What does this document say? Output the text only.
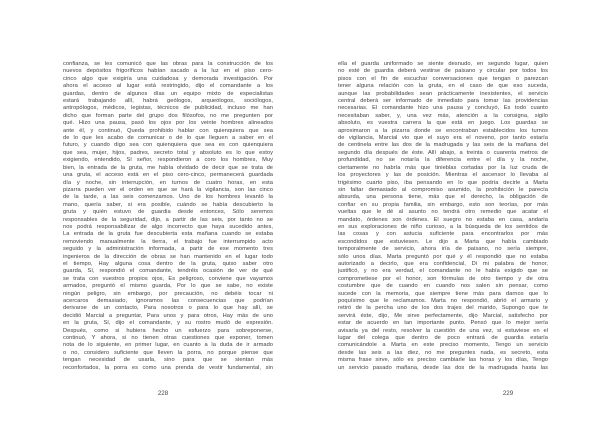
confianza, se les comunicó que las obras para la construcción de los
nuevos depósitos frigoríficos habían sacado a la luz en el piso cero-
cinco algo que exigiría una cuidadosa y demorada investigación. Por
ahora el acceso al lugar está restringido, dijo el comandante a los
guardas, dentro de algunos días un equipo mixto de especialistas
estará trabajando allí, habrá geólogos, arqueólogos, sociólogos,
antropólogos, médicos, legistas, técnicos de publicidad, incluso me han
dicho que forman parte del grupo dos filósofos, no me pregunten por
qué. Hizo una pausa, pasó los ojos por los veinte hombres alineados
ante él, y continuó, Queda prohibido hablar con quienquiera que sea
de lo que les acabo de comunicar o de lo que lleguen a saber en el
futuro, y cuando digo sea con quienquiera que sea es con quienquiera
que sea, mujer, hijos, padres, secreto total y absoluto es lo que estoy
exigiendo, entendido, Sí señor, respondieron a coro los hombres, Muy
bien, la entrada de la gruta, me había olvidado de decir que se trata de
una gruta, el acceso está en el piso cero-cinco, permanecerá guardada
día y noche, sin interrupción, en turnos de cuatro horas, en esta
pizarra pueden ver el orden en que se hará la vigilancia, son las cinco
de la tarde, a las seis comenzamos. Uno de los hombres levantó la
mano, quería saber, si era posible, cuándo se había descubierto la
gruta y quién estuvo de guardia desde entonces, Sólo seremos
responsables de la seguridad, dijo, a partir de las seis, por tanto no se
nos podrá responsabilizar de algo incorrecto que haya sucedido antes,
La entrada de la gruta fue descubierta esta mañana cuando se estaba
removiendo manualmente la tierra, el trabajo fue interrumpido acto
seguido y la administración informada, a partir de ese momento tres
ingenieros de la dirección de obras se han mantenido en el lugar todo
el tiempo, Hay alguna cosa dentro de la gruta, quiso saber otro
guarda, Sí, respondió el comandante, tendréis ocasión de ver de qué
se trata con vuestros propios ojos, Es peligroso, conviene que vayamos
armados, preguntó el mismo guarda, Por lo que se sabe, no existe
ningún peligro, sin embargo, por precaución, no debéis tocar ni
acercaros demasiado, ignoramos las consecuencias que podrían
derivarse de un contacto, Para nosotros o para lo que hay allí, se
decidió Marcial a preguntar, Para unos y para otros, Hay más de uno
en la gruta, Sí, dijo el comandante, y su rostro mudó de expresión.
Después, como si hubiera hecho un esfuerzo para sobreponerse,
continuó, Y ahora, si no tienen otras cuestiones que exponer, tomen
nota de lo siguiente, en primer lugar, en cuanto a la duda de ir armado
o no, considero suficiente que lleven la porra, no porque piense que
tengan necesidad de usarla, sino para que se sientan más
reconfortados, la porra es como una prenda de vestir fundamental, sin
ella el guarda uniformado se siente desnudo, en segundo lugar, quien
no esté de guardia deberá vestirse de paisano y circular por todos los
pisos con el fin de escuchar conversaciones que tengan o parezcan
tener alguna relación con la gruta, en el caso de que eso suceda,
aunque las probabilidades sean prácticamente inexistentes, el servicio
central deberá ser informado de inmediato para tomar las providencias
necesarias. El comandante hizo una pausa y concluyó, Es todo cuanto
necesitaban saber, y, una vez más, atención a la consigna, sigilo
absoluto, es vuestra carrera la que está en juego. Los guardas se
aproximaron a la pizarra donde se encontraban establecidos los turnos
de vigilancia, Marcial vio que el suyo era el noveno, por tanto estaría
de centinela entre las dos de la madrugada y las seis de la mañana del
segundo día después de éste. Allí abajo, a treinta o cuarenta metros de
profundidad, no se notaría la diferencia entre el día y la noche,
ciertamente no habría más que tinieblas cortadas por la luz cruda de
los proyectores y las de posición. Mientras el ascensor lo llevaba al
trigésimo cuarto piso, iba pensando en lo que podría decirle a Marta
sin faltar demasiado al compromiso asumido, la prohibición le parecía
absurda, una persona tiene, más que el derecho, la obligación de
confiar en su propia familia, sin embargo, esto son teorías, por más
vueltas que le dé al asunto no tendrá otro remedio que acatar el
mandato, órdenes son órdenes. El suegro no estaba en casa, andaría
en sus exploraciones de niño curioso, a la búsqueda de los sentidos de
las cosas y con astucia suficiente para encontrarlos por más
escondidos que estuviesen. Le dijo a Marta que había cambiado
temporalmente de servicio, ahora iría de paisano, no sería siempre,
sólo unos días. Marta preguntó por qué y él respondió que no estaba
autorizado a decirlo, que era confidencial, Di mi palabra de honor,
justificó, y no era verdad, el comandante no le había exigido que se
comprometiese por el honor, son fórmulas de otro tiempo y de otra
costumbre que de cuando en cuando nos salen sin pensar, como
sucede con la memoria, que siempre tiene más para darnos que lo
poquísimo que le reclamamos. Marta no respondió, abrió el armario y
retiró de la percha uno de los dos trajes del marido, Supongo que te
servirá éste, dijo, Me sirve perfectamente, dijo Marcial, satisfecho por
estar de acuerdo en tan importante punto. Pensó que lo mejor sería
avisarla ya del resto, resolver la cuestión de una vez, si estuviese en el
lugar del colega que dentro de poco entrará de guardia estaría
comunicándole a Marta en este preciso momento, Tengo un servicio
desde las seis a las diez, no me preguntes nada, es secreto, esta
misma frase sirve, sólo es preciso cambiarle las horas y los días, Tengo
un servicio pasado mañana, desde las dos de la madrugada hasta las
228	229
